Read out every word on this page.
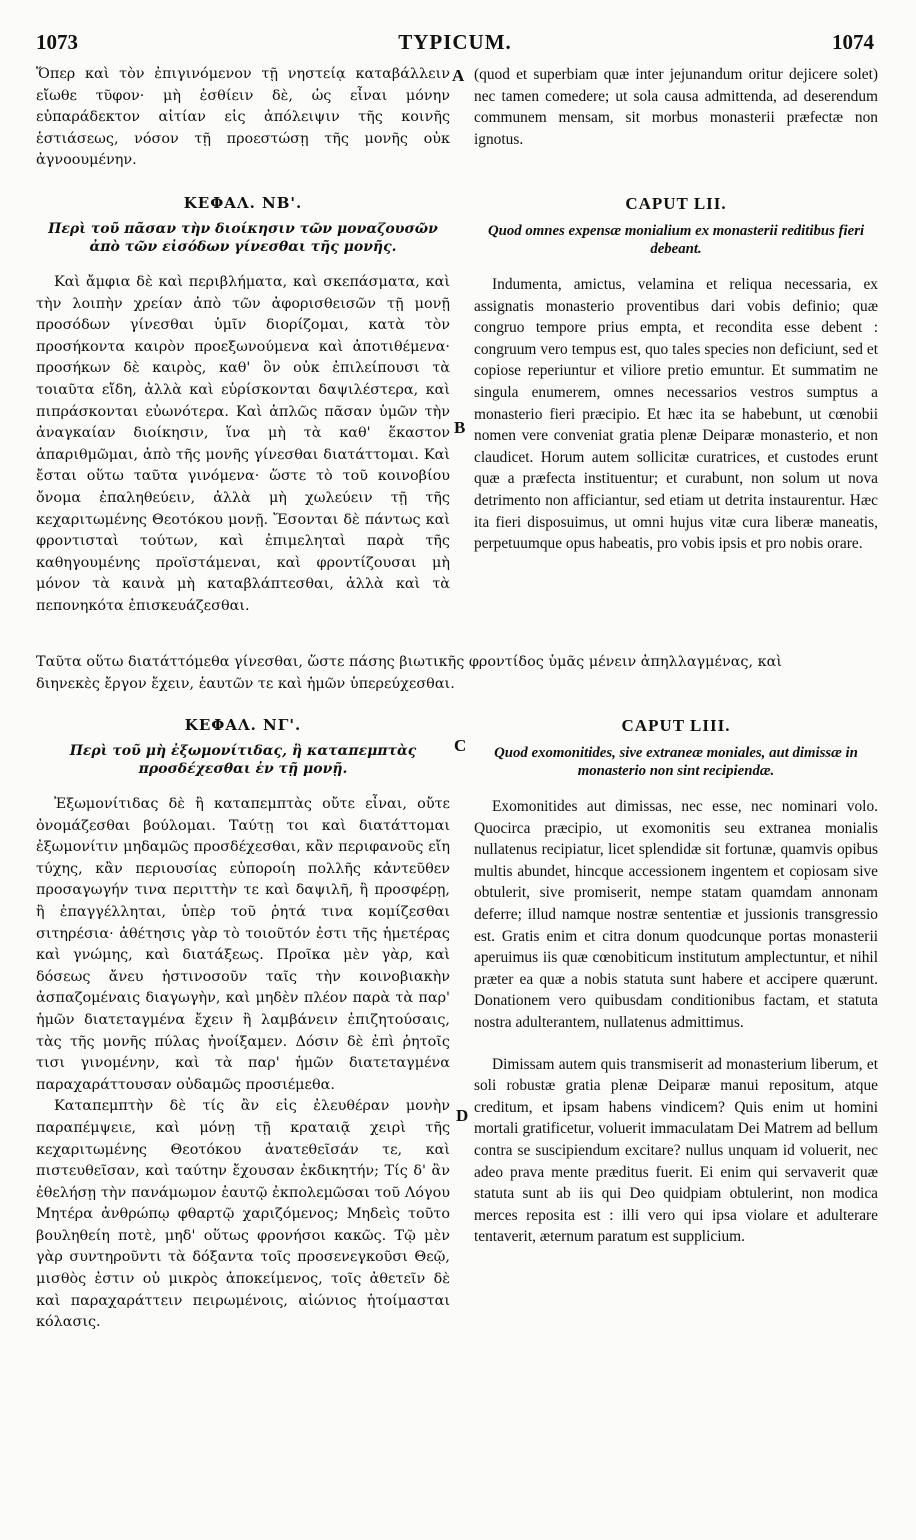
1073	TYPICUM.	1074
A
B
C
D

Ὅπερ καὶ τὸν ἐπιγινόμενον τῇ νηστείᾳ καταβάλλειν εἴωθε τῦφον· μὴ ἐσθίειν δὲ, ὡς εἶναι μόνην εὐπαράδεκτον αἰτίαν εἰς ἀπόλειψιν τῆς κοινῆς ἑστιάσεως, νόσον τῇ προεστώσῃ τῆς μονῆς οὐκ ἀγνοουμένην.

(quod et superbiam quæ inter jejunandum oritur dejicere solet) nec tamen comedere; ut sola causa admittenda, ad deserendum communem mensam, sit morbus monasterii præfectæ non ignotus.

ΚΕΦΑΛ. ΝΒ'.

Περὶ τοῦ πᾶσαν τὴν διοίκησιν τῶν μοναζουσῶν ἀπὸ τῶν εἰσόδων γίνεσθαι τῆς μονῆς.

Καὶ ἄμφια δὲ καὶ περιβλήματα, καὶ σκεπάσματα, καὶ τὴν λοιπὴν χρείαν ἀπὸ τῶν ἀφορισθεισῶν τῇ μονῇ προσόδων γίνεσθαι ὑμῖν διορίζομαι, κατὰ τὸν προσήκοντα καιρὸν προεξωνούμενα καὶ ἀποτιθέμενα· προσήκων δὲ καιρὸς, καθ' ὃν οὐκ ἐπιλείπουσι τὰ τοιαῦτα εἴδη, ἀλλὰ καὶ εὑρίσκονται δαψιλέστερα, καὶ πιπράσκονται εὐωνότερα. Καὶ ἁπλῶς πᾶσαν ὑμῶν τὴν ἀναγκαίαν διοίκησιν, ἵνα μὴ τὰ καθ' ἕκαστον ἀπαριθμῶμαι, ἀπὸ τῆς μονῆς γίνεσθαι διατάττομαι. Καὶ ἔσται οὕτω ταῦτα γινόμενα· ὥστε τὸ τοῦ κοινοβίου ὄνομα ἐπαληθεύειν, ἀλλὰ μὴ χωλεύειν τῇ τῆς κεχαριτωμένης Θεοτόκου μονῇ. Ἔσονται δὲ πάντως καὶ φροντισταὶ τούτων, καὶ ἐπιμεληταὶ παρὰ τῆς καθηγουμένης προϊστάμεναι, καὶ φροντίζουσαι μὴ μόνον τὰ καινὰ μὴ καταβλάπτεσθαι, ἀλλὰ καὶ τὰ πεπονηκότα ἐπισκευάζεσθαι.

CAPUT LII.

Quod omnes expensæ monialium ex monasterii reditibus fieri debeant.

Indumenta, amictus, velamina et reliqua necessaria, ex assignatis monasterio proventibus dari vobis definio; quæ congruo tempore prius empta, et recondita esse debent : congruum vero tempus est, quo tales species non deficiunt, sed et copiose reperiuntur et viliore pretio emuntur. Et summatim ne singula enumerem, omnes necessarios vestros sumptus a monasterio fieri præcipio. Et hæc ita se habebunt, ut cœnobii nomen vere conveniat gratia plenæ Deiparæ monasterio, et non claudicet. Horum autem sollicitæ curatrices, et custodes erunt quæ a præfecta instituentur; et curabunt, non solum ut nova detrimento non afficiantur, sed etiam ut detrita instaurentur. Hæc ita fieri disposuimus, ut omni hujus vitæ cura liberæ maneatis, perpetuumque opus habeatis, pro vobis ipsis et pro nobis orare.

Ταῦτα οὕτω διατάττόμεθα γίνεσθαι, ὥστε πάσης βιωτικῆς φροντίδος ὑμᾶς μένειν ἀπηλλαγμένας, καὶ

διηνεκὲς ἔργον ἔχειν, ἑαυτῶν τε καὶ ἡμῶν ὑπερεύχεσθαι.

ΚΕΦΑΛ. ΝΓ'.

Περὶ τοῦ μὴ ἐξωμονίτιδας, ἢ καταπεμπτὰς προσδέχεσθαι ἐν τῇ μονῇ.

Ἐξωμονίτιδας δὲ ἢ καταπεμπτὰς οὔτε εἶναι, οὔτε ὀνομάζεσθαι βούλομαι. Ταύτῃ τοι καὶ διατάττομαι ἐξωμονίτιν μηδαμῶς προσδέχεσθαι, κἂν περιφανοῦς εἴη τύχης, κἂν περιουσίας εὐποροίη πολλῆς κἀντεῦθεν προσαγωγήν τινα περιττὴν τε καὶ δαψιλῆ, ἢ προσφέρῃ, ἢ ἐπαγγέλληται, ὑπὲρ τοῦ ῥητά τινα κομίζεσθαι σιτηρέσια· ἀθέτησις γὰρ τὸ τοιοῦτόν ἐστι τῆς ἡμετέρας καὶ γνώμης, καὶ διατάξεως. Προῖκα μὲν γὰρ, καὶ δόσεως ἄνευ ἡστινοσοῦν ταῖς τὴν κοινοβιακὴν ἀσπαζομέναις διαγωγὴν, καὶ μηδὲν πλέον παρὰ τὰ παρ' ἡμῶν διατεταγμένα ἔχειν ἢ λαμβάνειν ἐπιζητούσαις, τὰς τῆς μονῆς πύλας ἠνοίξαμεν. Δόσιν δὲ ἐπὶ ῥητοῖς τισι γινομένην, καὶ τὰ παρ' ἡμῶν διατεταγμένα παραχαράττουσαν οὐδαμῶς προσιέμεθα.

Καταπεμπτὴν δὲ τίς ἂν εἰς ἐλευθέραν μονὴν παραπέμψειε, καὶ μόνῃ τῇ κραταιᾷ χειρὶ τῆς κεχαριτωμένης Θεοτόκου ἀνατεθεῖσάν τε, καὶ πιστευθεῖσαν, καὶ ταύτην ἔχουσαν ἐκδικητήν; Τίς δ' ἂν ἐθελήσῃ τὴν πανάμωμον ἑαυτῷ ἐκπολεμῶσαι τοῦ Λόγου Μητέρα ἀνθρώπῳ φθαρτῷ χαριζόμενος; Μηδεὶς τοῦτο βουληθείη ποτὲ, μηδ' οὕτως φρονήσοι κακῶς. Τῷ μὲν γὰρ συντηροῦντι τὰ δόξαντα τοῖς προσενεγκοῦσι Θεῷ, μισθὸς ἐστιν οὐ μικρὸς ἀποκείμενος, τοῖς ἀθετεῖν δὲ καὶ παραχαράττειν πειρωμένοις, αἰώνιος ἡτοίμασται κόλασις.

CAPUT LIII.

Quod exomonitides, sive extraneæ moniales, aut dimissæ in monasterio non sint recipiendæ.

Exomonitides aut dimissas, nec esse, nec nominari volo. Quocirca præcipio, ut exomonitis seu extranea monialis nullatenus recipiatur, licet splendidæ sit fortunæ, quamvis opibus multis abundet, hincque accessionem ingentem et copiosam sive obtulerit, sive promiserit, nempe statam quamdam annonam deferre; illud namque nostræ sententiæ et jussionis transgressio est. Gratis enim et citra donum quodcunque portas monasterii aperuimus iis quæ cœnobiticum institutum amplectuntur, et nihil præter ea quæ a nobis statuta sunt habere et accipere quærunt. Donationem vero quibusdam conditionibus factam, et statuta nostra adulterantem, nullatenus admittimus.

Dimissam autem quis transmiserit ad monasterium liberum, et soli robustæ gratia plenæ Deiparæ manui repositum, atque creditum, et ipsam habens vindicem? Quis enim ut homini mortali gratificetur, voluerit immaculatam Dei Matrem ad bellum contra se suscipiendum excitare? nullus unquam id voluerit, nec adeo prava mente præditus fuerit. Ei enim qui servaverit quæ statuta sunt ab iis qui Deo quidpiam obtulerint, non modica merces reposita est : illi vero qui ipsa violare et adulterare tentaverit, æternum paratum est supplicium.
